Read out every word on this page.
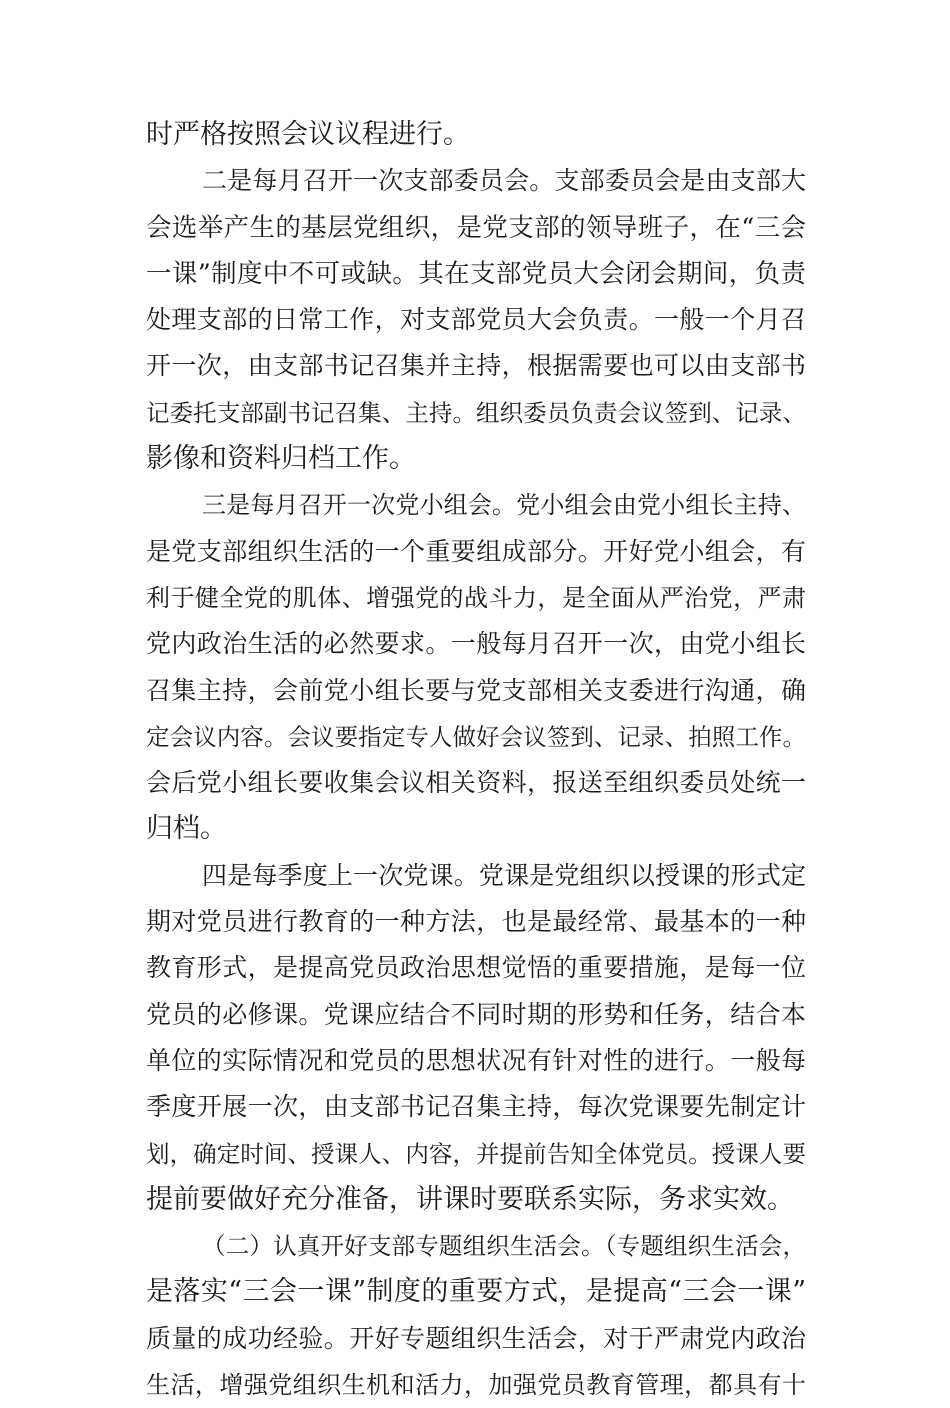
时严格按照会议议程进行。
二是每月召开一次支部委员会。支部委员会是由支部大
会选举产生的基层党组织，是党支部的领导班子，在“三会
一课”制度中不可或缺。其在支部党员大会闭会期间，负责
处理支部的日常工作，对支部党员大会负责。一般一个月召
开一次，由支部书记召集并主持，根据需要也可以由支部书
记委托支部副书记召集、主持。组织委员负责会议签到、记录、
影像和资料归档工作。
三是每月召开一次党小组会。党小组会由党小组长主持、
是党支部组织生活的一个重要组成部分。开好党小组会，有
利于健全党的肌体、增强党的战斗力，是全面从严治党，严肃
党内政治生活的必然要求。一般每月召开一次，由党小组长
召集主持，会前党小组长要与党支部相关支委进行沟通，确
定会议内容。会议要指定专人做好会议签到、记录、拍照工作。
会后党小组长要收集会议相关资料，报送至组织委员处统一
归档。
四是每季度上一次党课。党课是党组织以授课的形式定
期对党员进行教育的一种方法，也是最经常、最基本的一种
教育形式，是提高党员政治思想觉悟的重要措施，是每一位
党员的必修课。党课应结合不同时期的形势和任务，结合本
单位的实际情况和党员的思想状况有针对性的进行。一般每
季度开展一次，由支部书记召集主持，每次党课要先制定计
划，确定时间、授课人、内容，并提前告知全体党员。授课人要
提前要做好充分准备，讲课时要联系实际，务求实效。
（二）认真开好支部专题组织生活会。（专题组织生活会，
是落实“三会一课”制度的重要方式，是提高“三会一课”
质量的成功经验。开好专题组织生活会，对于严肃党内政治
生活，增强党组织生机和活力，加强党员教育管理，都具有十
